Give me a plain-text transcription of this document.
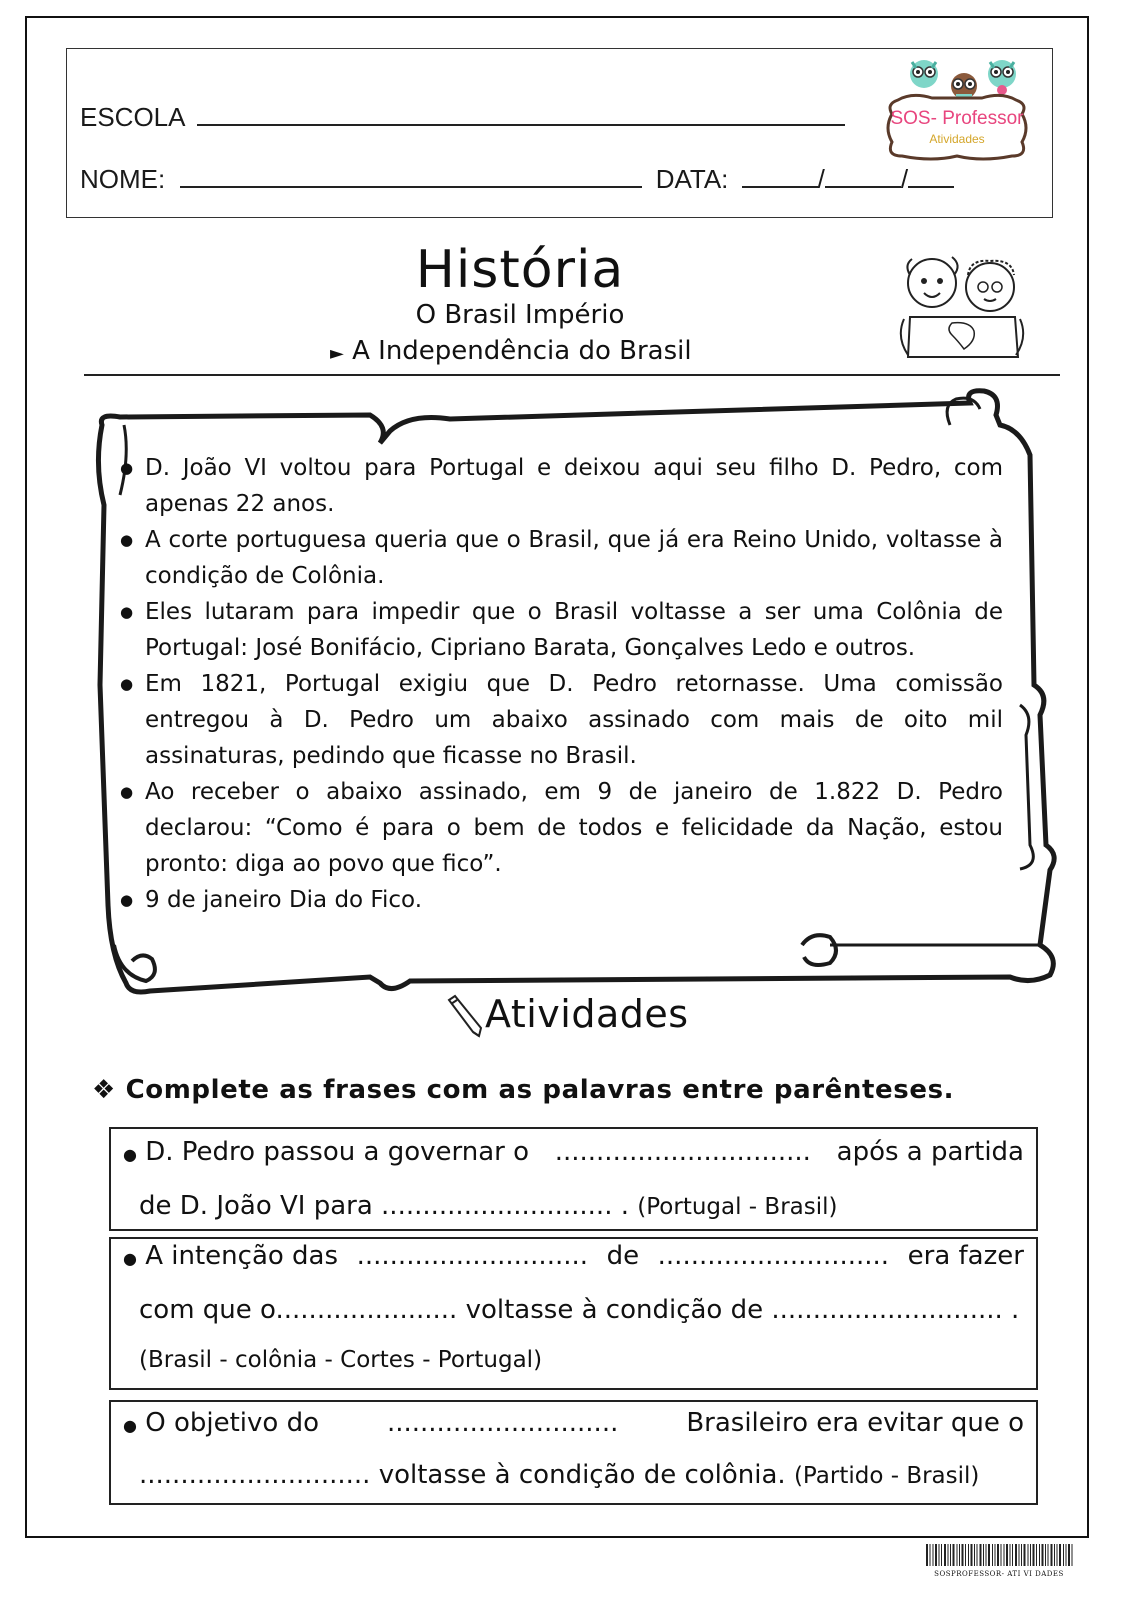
ESCOLA
NOME:	DATA:	/	/
SOS- Professor
Atividades
História
O Brasil Império
► A Independência do Brasil
● D. João VI voltou para Portugal e deixou aqui seu filho D. Pedro, com apenas 22 anos.
● A corte portuguesa queria que o Brasil, que já era Reino Unido, voltasse à condição de Colônia.
● Eles lutaram para impedir que o Brasil voltasse a ser uma Colônia de Portugal: José Bonifácio, Cipriano Barata, Gonçalves Ledo e outros.
● Em 1821, Portugal exigiu que D. Pedro retornasse. Uma comissão entregou à D. Pedro um abaixo assinado com mais de oito mil assinaturas, pedindo que ficasse no Brasil.
● Ao receber o abaixo assinado, em 9 de janeiro de 1.822 D. Pedro declarou: “Como é para o bem de todos e felicidade da Nação, estou pronto: diga ao povo que fico”.
● 9 de janeiro Dia do Fico.
Atividades
❖ Complete as frases com as palavras entre parênteses.
● D. Pedro passou a governar o ............................... após a partida
de D. João VI para ............................ . (Portugal - Brasil)
● A intenção das ............................ de ............................ era fazer
com que o...................... voltasse à condição de ............................ .
(Brasil - colônia - Cortes - Portugal)
● O objetivo do	............................	Brasileiro era evitar que o
............................ voltasse à condição de colônia. (Partido - Brasil)
SOSPROFESSOR- ATI VI DADES
